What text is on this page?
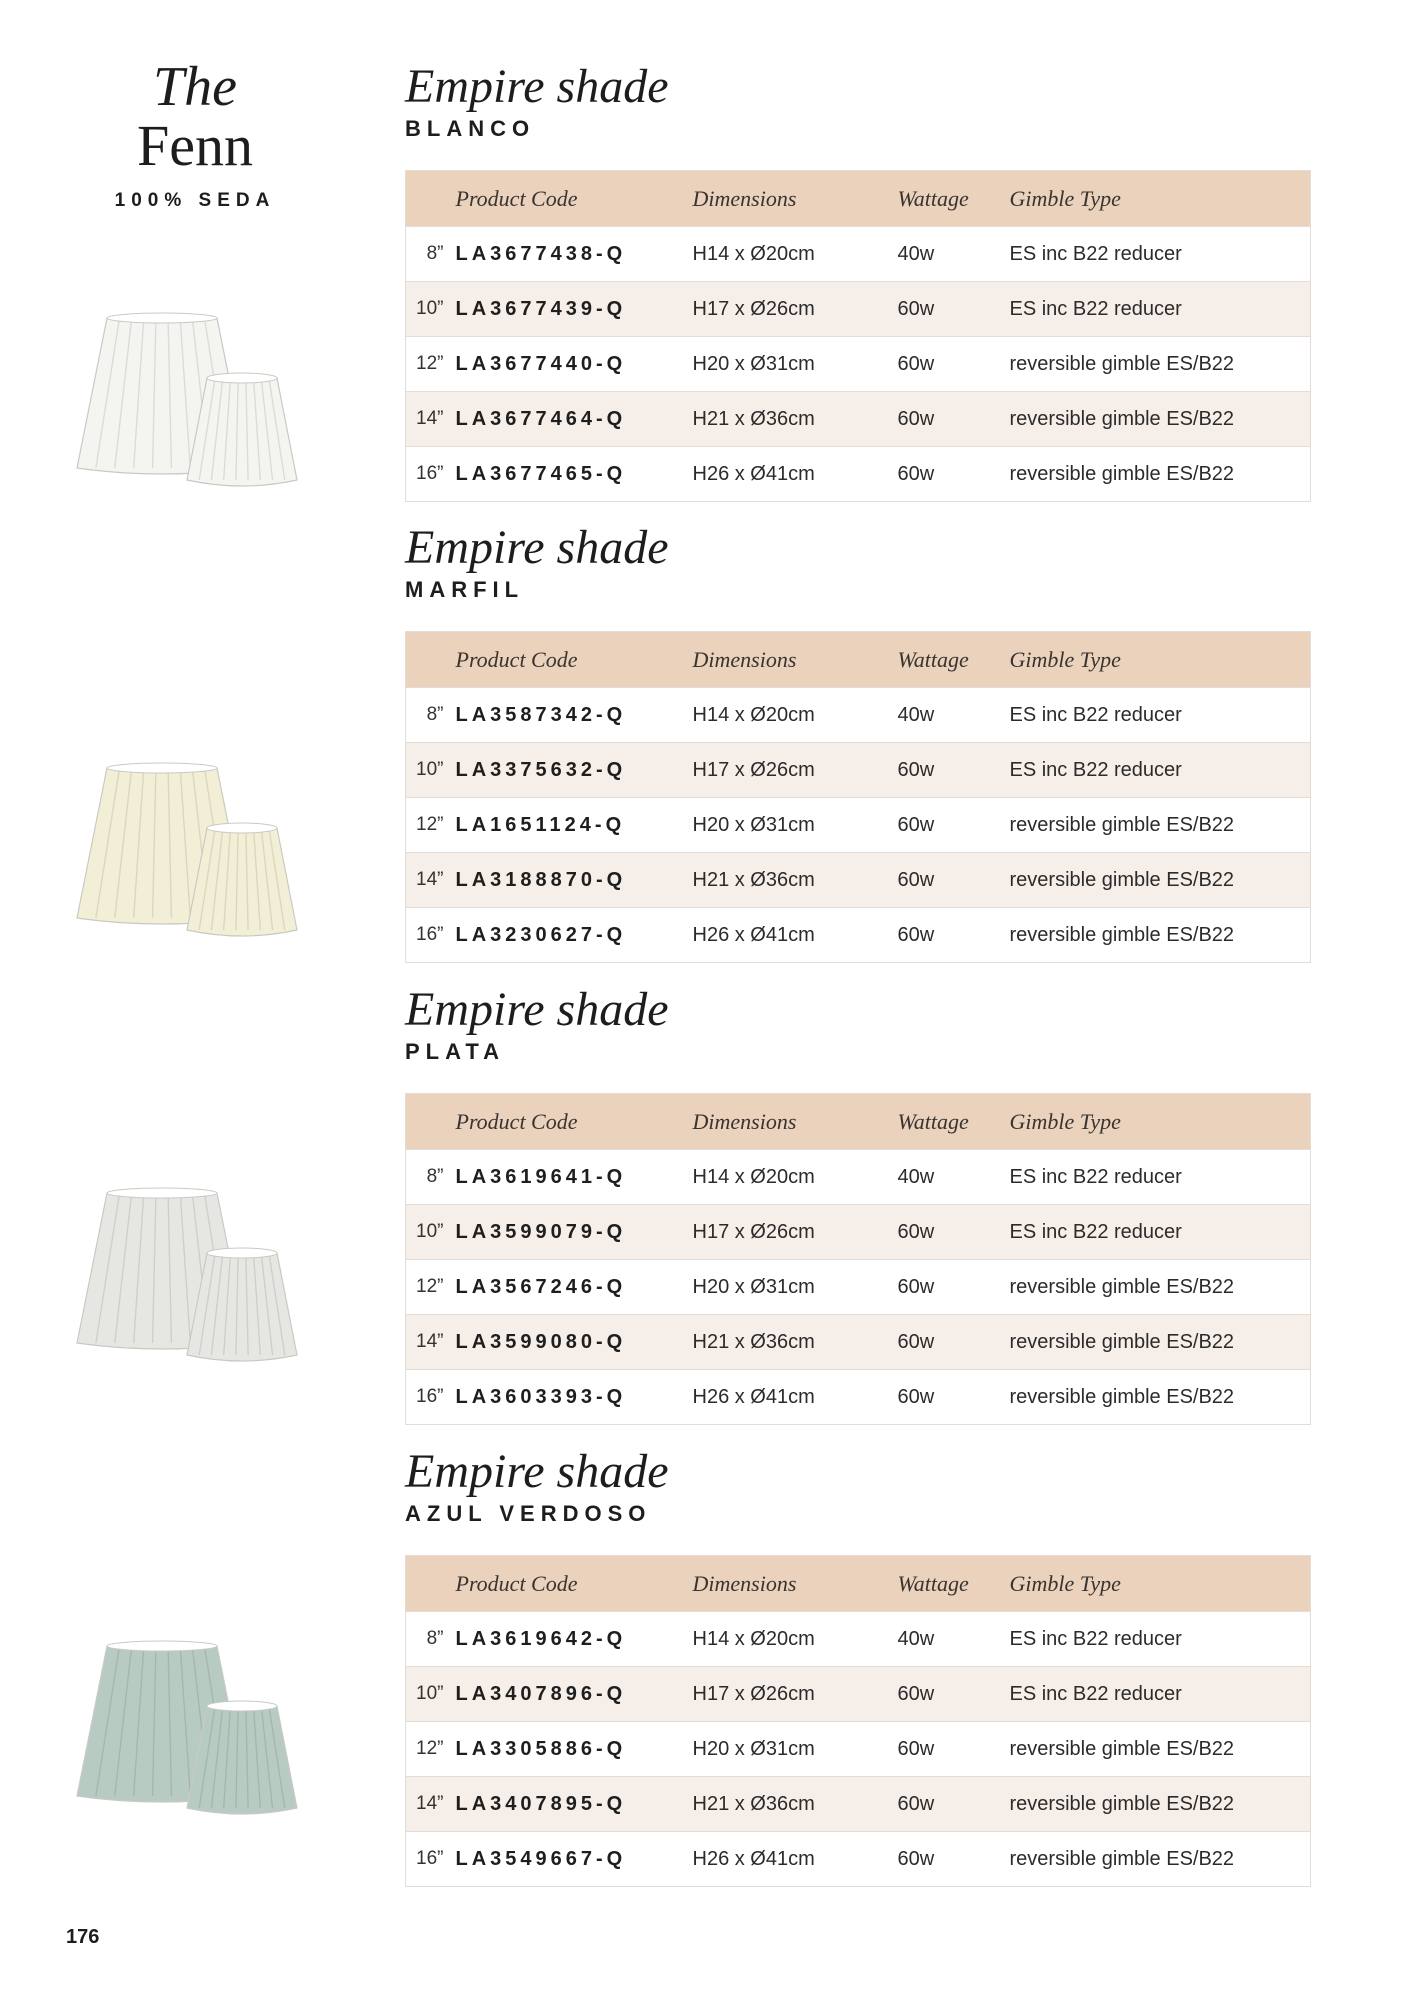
The
Fenn
100% SEDA
Empire shade
BLANCO
	Product Code	Dimensions	Wattage	Gimble Type
8”	LA3677438-Q	H14 x Ø20cm	40w	ES inc B22 reducer
10”	LA3677439-Q	H17 x Ø26cm	60w	ES inc B22 reducer
12”	LA3677440-Q	H20 x Ø31cm	60w	reversible gimble ES/B22
14”	LA3677464-Q	H21 x Ø36cm	60w	reversible gimble ES/B22
16”	LA3677465-Q	H26 x Ø41cm	60w	reversible gimble ES/B22
Empire shade
MARFIL
	Product Code	Dimensions	Wattage	Gimble Type
8”	LA3587342-Q	H14 x Ø20cm	40w	ES inc B22 reducer
10”	LA3375632-Q	H17 x Ø26cm	60w	ES inc B22 reducer
12”	LA1651124-Q	H20 x Ø31cm	60w	reversible gimble ES/B22
14”	LA3188870-Q	H21 x Ø36cm	60w	reversible gimble ES/B22
16”	LA3230627-Q	H26 x Ø41cm	60w	reversible gimble ES/B22
Empire shade
PLATA
	Product Code	Dimensions	Wattage	Gimble Type
8”	LA3619641-Q	H14 x Ø20cm	40w	ES inc B22 reducer
10”	LA3599079-Q	H17 x Ø26cm	60w	ES inc B22 reducer
12”	LA3567246-Q	H20 x Ø31cm	60w	reversible gimble ES/B22
14”	LA3599080-Q	H21 x Ø36cm	60w	reversible gimble ES/B22
16”	LA3603393-Q	H26 x Ø41cm	60w	reversible gimble ES/B22
Empire shade
AZUL VERDOSO
	Product Code	Dimensions	Wattage	Gimble Type
8”	LA3619642-Q	H14 x Ø20cm	40w	ES inc B22 reducer
10”	LA3407896-Q	H17 x Ø26cm	60w	ES inc B22 reducer
12”	LA3305886-Q	H20 x Ø31cm	60w	reversible gimble ES/B22
14”	LA3407895-Q	H21 x Ø36cm	60w	reversible gimble ES/B22
16”	LA3549667-Q	H26 x Ø41cm	60w	reversible gimble ES/B22
176
